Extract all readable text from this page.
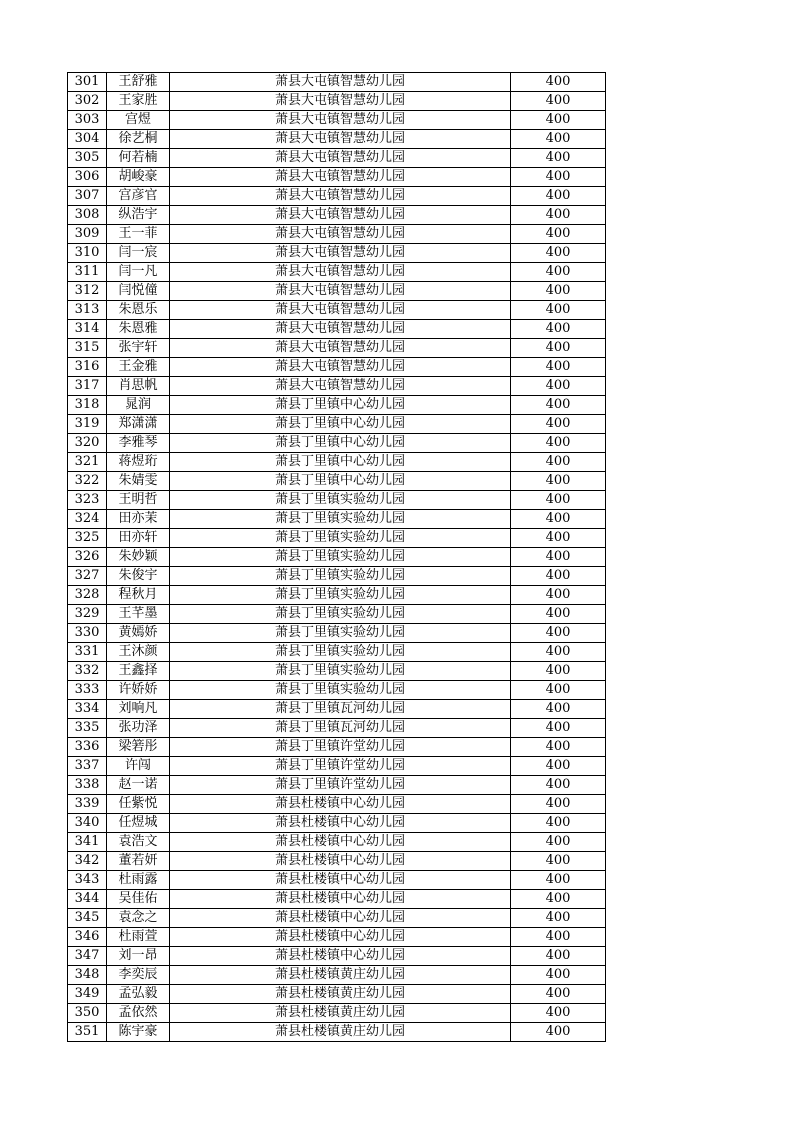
301	王舒雅	萧县大屯镇智慧幼儿园	400
302	王家胜	萧县大屯镇智慧幼儿园	400
303	宫煜	萧县大屯镇智慧幼儿园	400
304	徐艺桐	萧县大屯镇智慧幼儿园	400
305	何若楠	萧县大屯镇智慧幼儿园	400
306	胡峻豪	萧县大屯镇智慧幼儿园	400
307	宫彦官	萧县大屯镇智慧幼儿园	400
308	纵浩宇	萧县大屯镇智慧幼儿园	400
309	王一菲	萧县大屯镇智慧幼儿园	400
310	闫一宸	萧县大屯镇智慧幼儿园	400
311	闫一凡	萧县大屯镇智慧幼儿园	400
312	闫悦僮	萧县大屯镇智慧幼儿园	400
313	朱恩乐	萧县大屯镇智慧幼儿园	400
314	朱恩雅	萧县大屯镇智慧幼儿园	400
315	张宇轩	萧县大屯镇智慧幼儿园	400
316	王金雅	萧县大屯镇智慧幼儿园	400
317	肖思帆	萧县大屯镇智慧幼儿园	400
318	晁润	萧县丁里镇中心幼儿园	400
319	郑潇潇	萧县丁里镇中心幼儿园	400
320	李雅琴	萧县丁里镇中心幼儿园	400
321	蒋煜珩	萧县丁里镇中心幼儿园	400
322	朱婧雯	萧县丁里镇中心幼儿园	400
323	王明哲	萧县丁里镇实验幼儿园	400
324	田亦茉	萧县丁里镇实验幼儿园	400
325	田亦轩	萧县丁里镇实验幼儿园	400
326	朱妙颖	萧县丁里镇实验幼儿园	400
327	朱俊宇	萧县丁里镇实验幼儿园	400
328	程秋月	萧县丁里镇实验幼儿园	400
329	王芊墨	萧县丁里镇实验幼儿园	400
330	黄嫣娇	萧县丁里镇实验幼儿园	400
331	王沐颜	萧县丁里镇实验幼儿园	400
332	王鑫择	萧县丁里镇实验幼儿园	400
333	许娇娇	萧县丁里镇实验幼儿园	400
334	刘响凡	萧县丁里镇瓦河幼儿园	400
335	张功泽	萧县丁里镇瓦河幼儿园	400
336	梁箬彤	萧县丁里镇许堂幼儿园	400
337	许闯	萧县丁里镇许堂幼儿园	400
338	赵一诺	萧县丁里镇许堂幼儿园	400
339	任紫悦	萧县杜楼镇中心幼儿园	400
340	任煜城	萧县杜楼镇中心幼儿园	400
341	袁浩文	萧县杜楼镇中心幼儿园	400
342	董若妍	萧县杜楼镇中心幼儿园	400
343	杜雨露	萧县杜楼镇中心幼儿园	400
344	吴佳佑	萧县杜楼镇中心幼儿园	400
345	袁念之	萧县杜楼镇中心幼儿园	400
346	杜雨萱	萧县杜楼镇中心幼儿园	400
347	刘一昂	萧县杜楼镇中心幼儿园	400
348	李奕辰	萧县杜楼镇黄庄幼儿园	400
349	孟弘毅	萧县杜楼镇黄庄幼儿园	400
350	孟依然	萧县杜楼镇黄庄幼儿园	400
351	陈宇豪	萧县杜楼镇黄庄幼儿园	400
